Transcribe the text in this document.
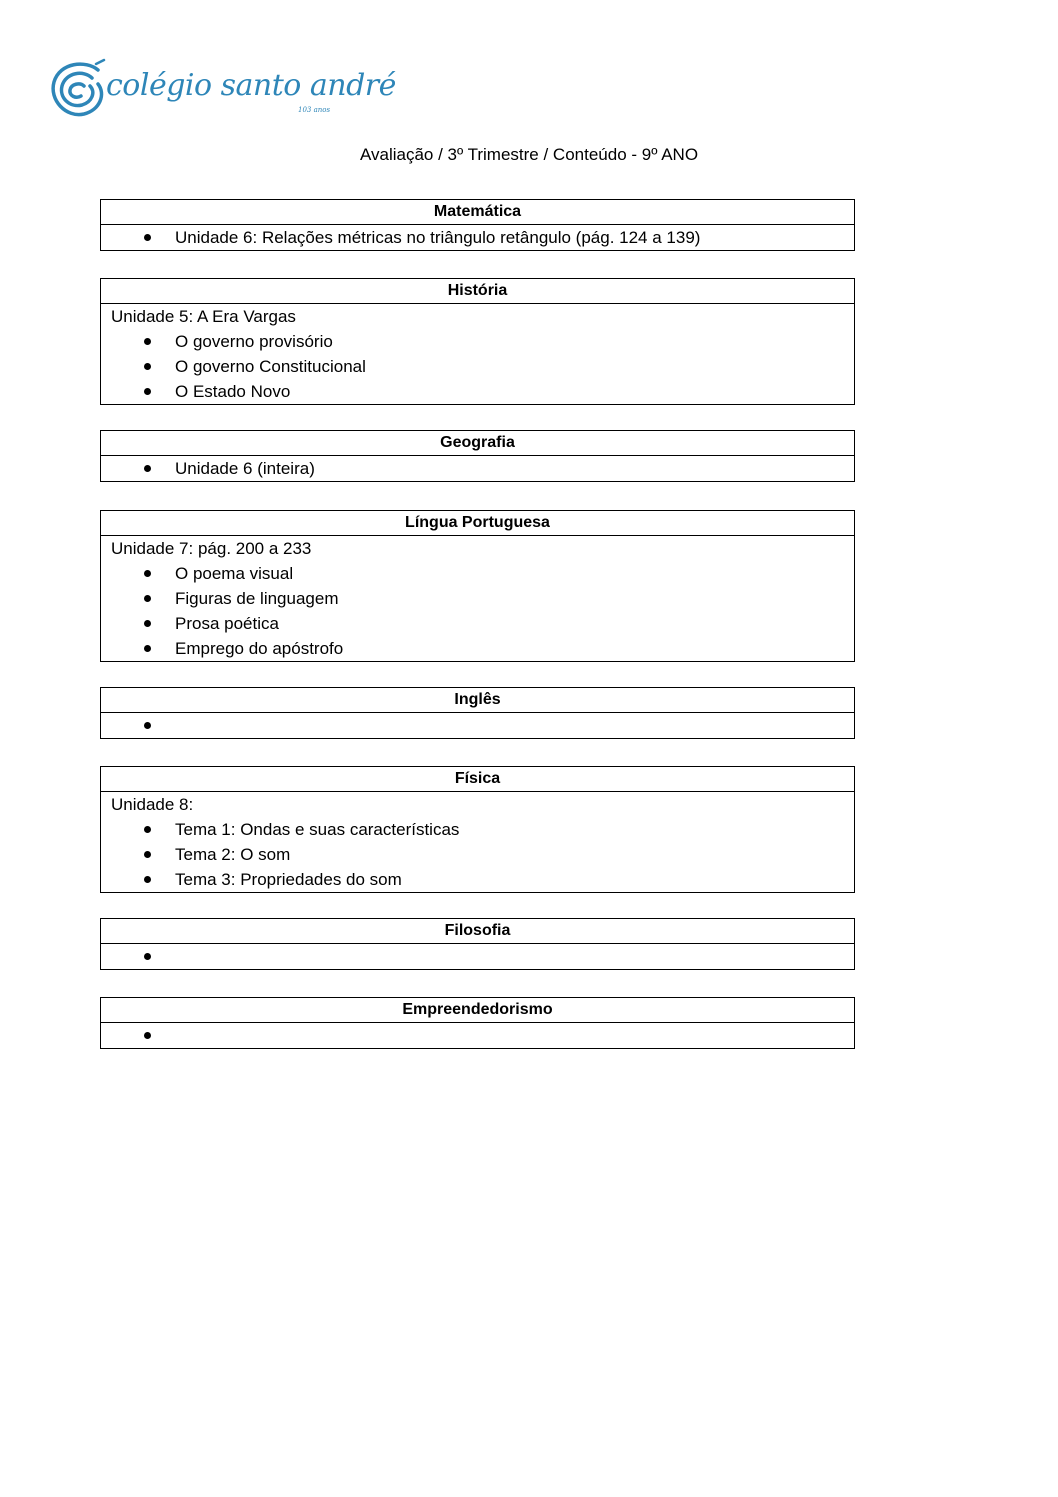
colégio santo andré
103 anos
Avaliação / 3º Trimestre / Conteúdo - 9º ANO
Matemática
Unidade 6: Relações métricas no triângulo retângulo (pág. 124 a 139)
História
Unidade 5: A Era Vargas
O governo provisório
O governo Constitucional
O Estado Novo
Geografia
Unidade 6 (inteira)
Língua Portuguesa
Unidade 7: pág. 200 a 233
O poema visual
Figuras de linguagem
Prosa poética
Emprego do apóstrofo
Inglês
Física
Unidade 8:
Tema 1: Ondas e suas características
Tema 2: O som
Tema 3: Propriedades do som
Filosofia
Empreendedorismo
